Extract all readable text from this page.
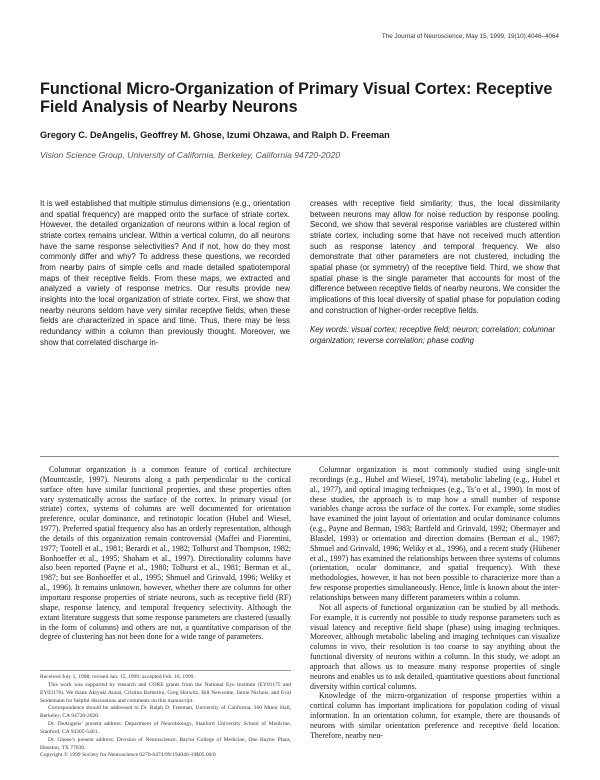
The Journal of Neuroscience, May 15, 1999, 19(10):4046–4064
Functional Micro-Organization of Primary Visual Cortex: Receptive Field Analysis of Nearby Neurons
Gregory C. DeAngelis, Geoffrey M. Ghose, Izumi Ohzawa, and Ralph D. Freeman
Vision Science Group, University of California, Berkeley, California 94720-2020
It is well established that multiple stimulus dimensions (e.g., orientation and spatial frequency) are mapped onto the surface of striate cortex. However, the detailed organization of neurons within a local region of striate cortex remains unclear. Within a vertical column, do all neurons have the same response selectivities? And if not, how do they most commonly differ and why? To address these questions, we recorded from nearby pairs of simple cells and made detailed spatiotemporal maps of their receptive fields. From these maps, we extracted and analyzed a variety of response metrics. Our results provide new insights into the local organization of striate cortex. First, we show that nearby neurons seldom have very similar receptive fields, when these fields are characterized in space and time. Thus, there may be less redundancy within a column than previously thought. Moreover, we show that correlated discharge in-
creases with receptive field similarity; thus, the local dissimilarity between neurons may allow for noise reduction by response pooling. Second, we show that several response variables are clustered within striate cortex, including some that have not received much attention such as response latency and temporal frequency. We also demonstrate that other parameters are not clustered, including the spatial phase (or symmetry) of the receptive field. Third, we show that spatial phase is the single parameter that accounts for most of the difference between receptive fields of nearby neurons. We consider the implications of this local diversity of spatial phase for population coding and construction of higher-order receptive fields.
Key words: visual cortex; receptive field; neuron; correlation; columnar organization; reverse correlation; phase coding

Columnar organization is a common feature of cortical architecture (Mountcastle, 1997). Neurons along a path perpendicular to the cortical surface often have similar functional properties, and these properties often vary systematically across the surface of the cortex. In primary visual (or striate) cortex, systems of columns are well documented for orientation preference, ocular dominance, and retinotopic location (Hubel and Wiesel, 1977). Preferred spatial frequency also has an orderly representation, although the details of this organization remain controversial (Maffei and Fiorentini, 1977; Tootell et al., 1981; Berardi et al., 1982; Tolhurst and Thompson, 1982; Bonhoeffer et al., 1995; Shoham et al., 1997). Directionality columns have also been reported (Payne et al., 1980; Tolhurst et al., 1981; Berman et al., 1987; but see Bonhoeffer et al., 1995; Shmuel and Grinvald, 1996; Weliky et al., 1996). It remains unknown, however, whether there are columns for other important response properties of striate neurons, such as receptive field (RF) shape, response latency, and temporal frequency selectivity. Although the extant literature suggests that some response parameters are clustered (usually in the form of columns) and others are not, a quantitative comparison of the degree of clustering has not been done for a wide range of parameters.

Columnar organization is most commonly studied using single-unit recordings (e.g., Hubel and Wiesel, 1974), metabolic labeling (e.g., Hubel et al., 1977), and optical imaging techniques (e.g., Ts’o et al., 1990). In most of these studies, the approach is to map how a small number of response variables change across the surface of the cortex. For example, some studies have examined the joint layout of orientation and ocular dominance columns (e.g., Payne and Berman, 1983; Bartfeld and Grinvald, 1992; Obermayer and Blasdel, 1993) or orientation and direction domains (Berman et al., 1987; Shmuel and Grinvald, 1996; Weliky et al., 1996), and a recent study (Hübener et al., 1997) has examined the relationships between three systems of columns (orientation, ocular dominance, and spatial frequency). With these methodologies, however, it has not been possible to characterize more than a few response properties simultaneously. Hence, little is known about the inter-relationships between many different parameters within a column.

Not all aspects of functional organization can be studied by all methods. For example, it is currently not possible to study response parameters such as visual latency and receptive field shape (phase) using imaging techniques. Moreover, although metabolic labeling and imaging techniques can visualize columns in vivo, their resolution is too coarse to say anything about the functional diversity of neurons within a column. In this study, we adopt an approach that allows us to measure many response properties of single neurons and enables us to ask detailed, quantitative questions about functional diversity within cortical columns.

Knowledge of the micro-organization of response properties within a cortical column has important implications for population coding of visual information. In an orientation column, for example, there are thousands of neurons with similar orientation preference and receptive field location. Therefore, nearby neu-

Received July 1, 1998; revised Jan. 15, 1999; accepted Feb. 16, 1999.

This work was supported by research and CORE grants from the National Eye Institute (EY01175 and EY03176). We thank Akiyuki Anzai, Cristina Barberini, Greg Horwitz, Bill Newsome, Jamie Nichols, and Eyal Seidemann for helpful discussions and comments on this manuscript.

Correspondence should be addressed to Dr. Ralph D. Freeman, University of California, 360 Minor Hall, Berkeley, CA 94720-2020.

Dr. DeAngelis’ present address: Department of Neurobiology, Stanford University School of Medicine, Stanford, CA 94305-5401.

Dr. Ghose’s present address: Division of Neuroscience, Baylor College of Medicine, One Baylor Plaza, Houston, TX 77030.

Copyright © 1999 Society for Neuroscience 0270-6474/99/194046-19$05.00/0
